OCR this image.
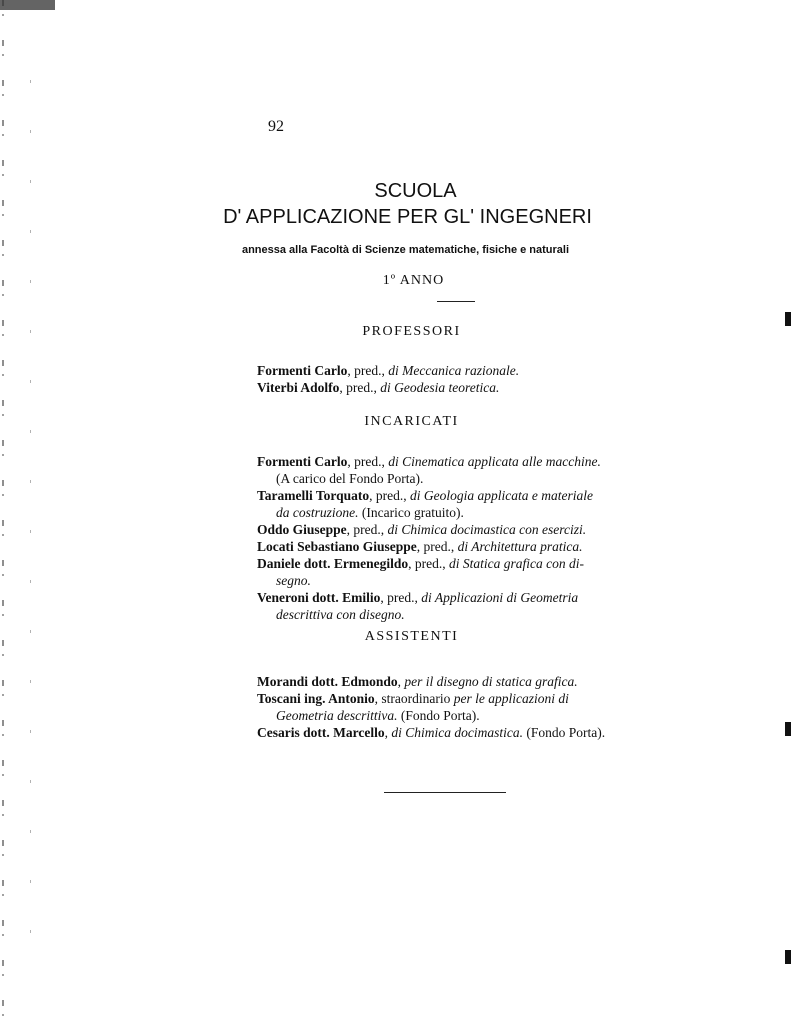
92
SCUOLA
D' APPLICAZIONE PER GL' INGEGNERI
annessa alla Facoltà di Scienze matematiche, fisiche e naturali
1º ANNO
PROFESSORI
Formenti Carlo, pred., di Meccanica razionale.
Viterbi Adolfo, pred., di Geodesia teoretica.
INCARICATI
Formenti Carlo, pred., di Cinematica applicata alle macchine.
(A carico del Fondo Porta).
Taramelli Torquato, pred., di Geologia applicata e materiale
da costruzione. (Incarico gratuito).
Oddo Giuseppe, pred., di Chimica docimastica con esercizi.
Locati Sebastiano Giuseppe, pred., di Architettura pratica.
Daniele dott. Ermenegildo, pred., di Statica grafica con di-
segno.
Veneroni dott. Emilio, pred., di Applicazioni di Geometria
descrittiva con disegno.
ASSISTENTI
Morandi dott. Edmondo, per il disegno di statica grafica.
Toscani ing. Antonio, straordinario per le applicazioni di
Geometria descrittiva. (Fondo Porta).
Cesaris dott. Marcello, di Chimica docimastica. (Fondo Porta).
